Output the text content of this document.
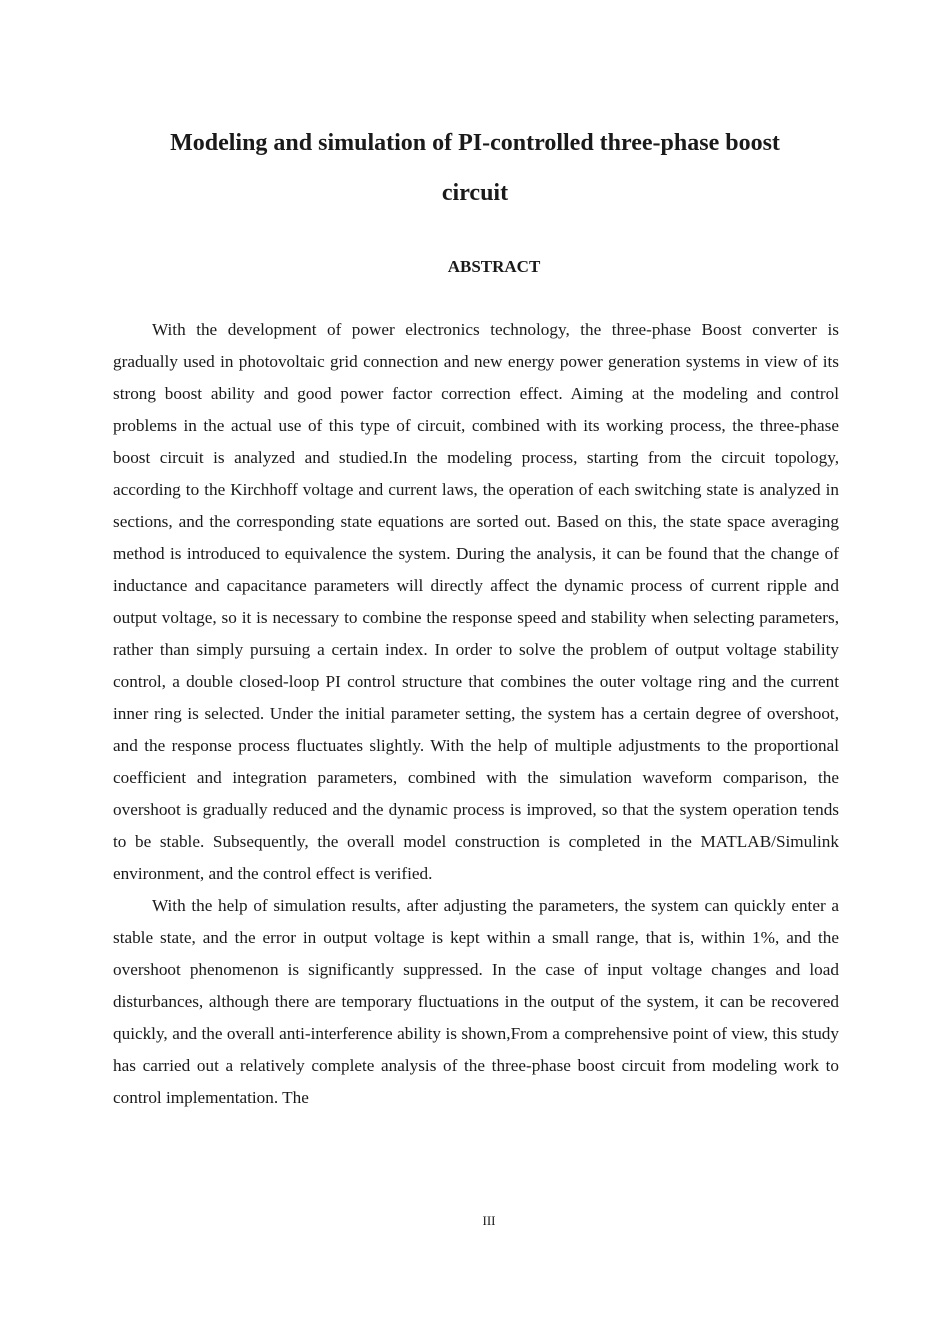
Modeling and simulation of PI-controlled three-phase boost
circuit
ABSTRACT

With the development of power electronics technology, the three-phase Boost converter is gradually used in photovoltaic grid connection and new energy power generation systems in view of its strong boost ability and good power factor correction effect. Aiming at the modeling and control problems in the actual use of this type of circuit, combined with its working process, the three-phase boost circuit is analyzed and studied.In the modeling process, starting from the circuit topology, according to the Kirchhoff voltage and current laws, the operation of each switching state is analyzed in sections, and the corresponding state equations are sorted out. Based on this, the state space averaging method is introduced to equivalence the system. During the analysis, it can be found that the change of inductance and capacitance parameters will directly affect the dynamic process of current ripple and output voltage, so it is necessary to combine the response speed and stability when selecting parameters, rather than simply pursuing a certain index. In order to solve the problem of output voltage stability control, a double closed-loop PI control structure that combines the outer voltage ring and the current inner ring is selected. Under the initial parameter setting, the system has a certain degree of overshoot, and the response process fluctuates slightly. With the help of multiple adjustments to the proportional coefficient and integration parameters, combined with the simulation waveform comparison, the overshoot is gradually reduced and the dynamic process is improved, so that the system operation tends to be stable. Subsequently, the overall model construction is completed in the MATLAB/Simulink environment, and the control effect is verified.

With the help of simulation results, after adjusting the parameters, the system can quickly enter a stable state, and the error in output voltage is kept within a small range, that is, within 1%, and the overshoot phenomenon is significantly suppressed. In the case of input voltage changes and load disturbances, although there are temporary fluctuations in the output of the system, it can be recovered quickly, and the overall anti-interference ability is shown,From a comprehensive point of view, this study has carried out a relatively complete analysis of the three-phase boost circuit from modeling work to control implementation. The

III
